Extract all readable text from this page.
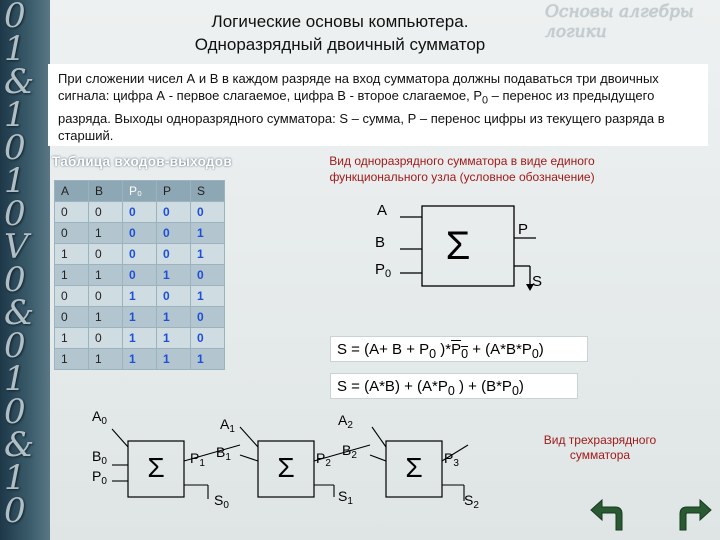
0
1
&
1
0
1
0
V
0
&
0
1
0
&
1
0
Основы алгебры логики
Логические основы компьютера.
Одноразрядный двоичный сумматор
При сложении чисел А и В в каждом разряде на вход сумматора должны подаваться три двоичных сигнала: цифра А - первое слагаемое, цифра В - второе слагаемое, $Р_0$ – перенос из предыдущего разряда. Выходы одноразрядного сумматора: S – сумма, Р – перенос цифры из текущего разряда в старший.
Таблица входов-выходов
A	B	P₀	P	S
0	0	0	0	0
0	1	0	0	1
1	0	0	0	1
1	1	0	1	0
0	0	1	0	1
0	1	1	1	0
1	0	1	1	0
1	1	1	1	1
Вид одноразрядного сумматора в виде единого функционального узла (условное обозначение)
Σ
A
B
$P_0$
P
S
$S = (A+ B + P_0$ )$*P_0 + (A*B*P_0)$
$S = (A*B) + (A*P_0$ ) + $(B*P_0)$
Σ	Σ	Σ
$A_0$
$B_0$
$P_0$
$A_1$
$P_1$
$B_1$
$S_0$
$A_2$
$P_2$
$B_2$
$S_1$
$P_3$
$S_2$
Вид трехразрядного сумматора
